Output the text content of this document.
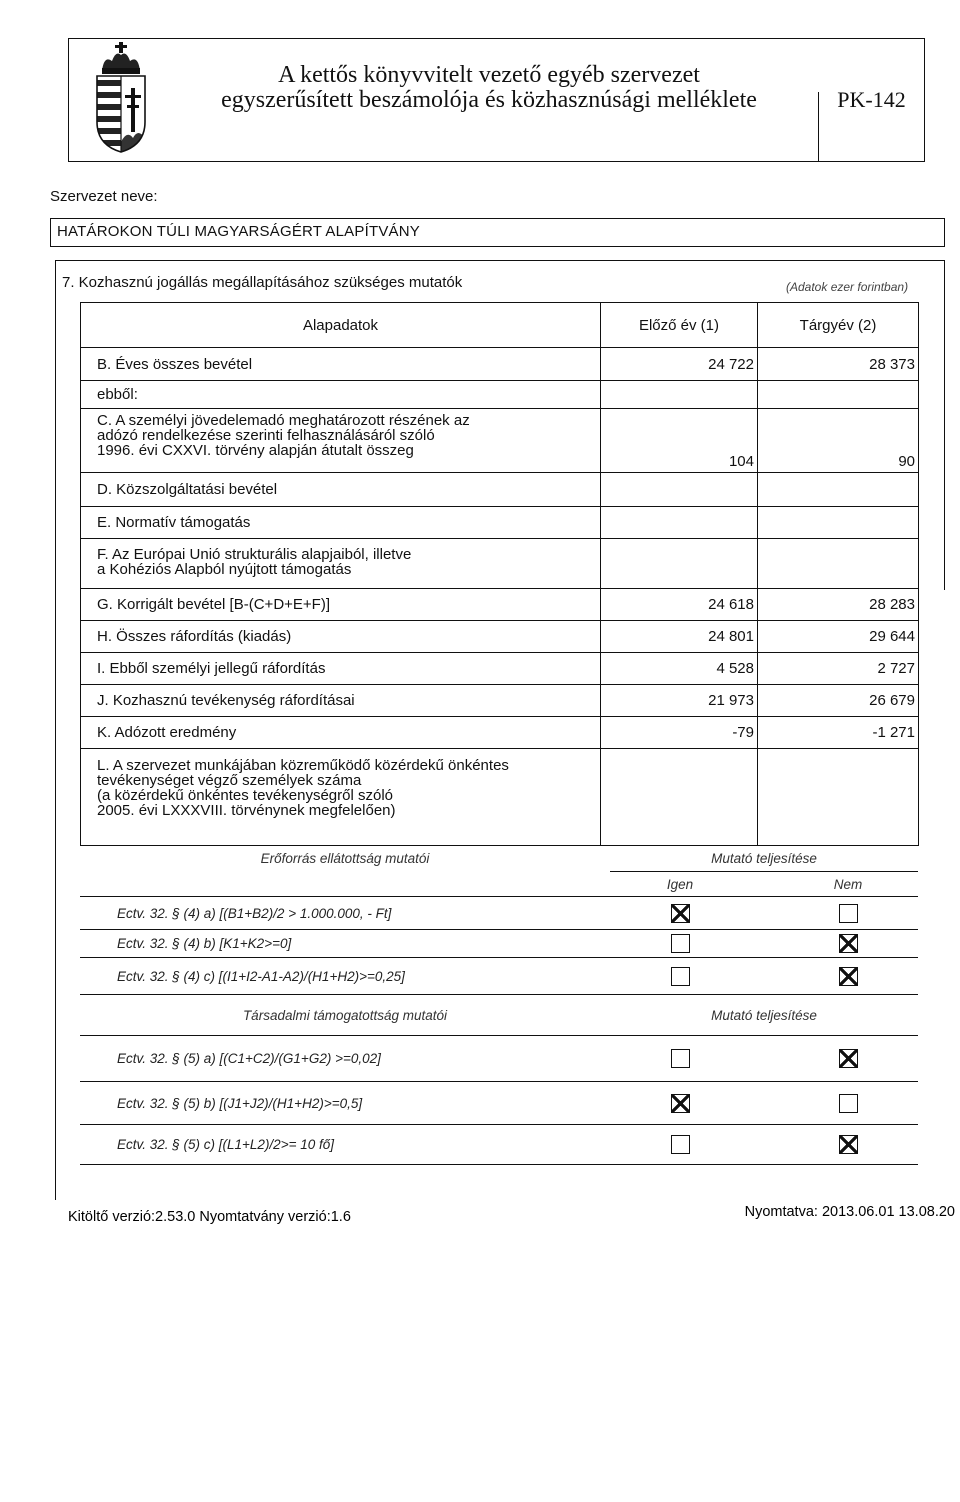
A kettős könyvvitelt vezető egyéb szervezet
egyszerűsített beszámolója és közhasznúsági melléklete	PK-142
Szervezet neve:
HATÁROKON TÚLI MAGYARSÁGÉRT ALAPÍTVÁNY
7. Kozhasznú jogállás megállapításához szükséges mutatók	(Adatok ezer forintban)
Alapadatok	Előző év (1)	Tárgyév (2)
B. Éves összes bevétel	24 722	28 373
ebből:		

C. A személyi jövedelemadó meghatározott részének az
adózó rendelkezése szerinti felhasználásáról szóló
1996. évi CXXVI. törvény alapján átutalt összeg	104	90
D. Közszolgáltatási bevétel		
E. Normatív támogatás		

F. Az Európai Unió strukturális alapjaiból, illetve
a Kohéziós Alapból nyújtott támogatás		

G. Korrigált bevétel [B-(C+D+E+F)]	24 618	28 283
H. Összes ráfordítás (kiadás)	24 801	29 644
I. Ebből személyi jellegű ráfordítás	4 528	2 727
J. Kozhasznú tevékenység ráfordításai	21 973	26 679
K. Adózott eredmény	-79	-1 271

L. A szervezet munkájában közreműködő közérdekű önkéntes
tevékenységet végző személyek száma
(a közérdekű önkéntes tevékenységről szóló
2005. évi LXXXVIII. törvénynek megfelelően)		

Erőforrás ellátottság mutatói	Mutató teljesítése
Igen	Nem
Ectv. 32. § (4) a) [(B1+B2)/2 > 1.000.000, - Ft]
Ectv. 32. § (4) b) [K1+K2>=0]
Ectv. 32. § (4) c) [(I1+I2-A1-A2)/(H1+H2)>=0,25]
Társadalmi támogatottság mutatói	Mutató teljesítése
Ectv. 32. § (5) a) [(C1+C2)/(G1+G2) >=0,02]
Ectv. 32. § (5) b) [(J1+J2)/(H1+H2)>=0,5]
Ectv. 32. § (5) c) [(L1+L2)/2>= 10 fő]
Kitöltő verzió:2.53.0 Nyomtatvány verzió:1.6	Nyomtatva: 2013.06.01 13.08.20
